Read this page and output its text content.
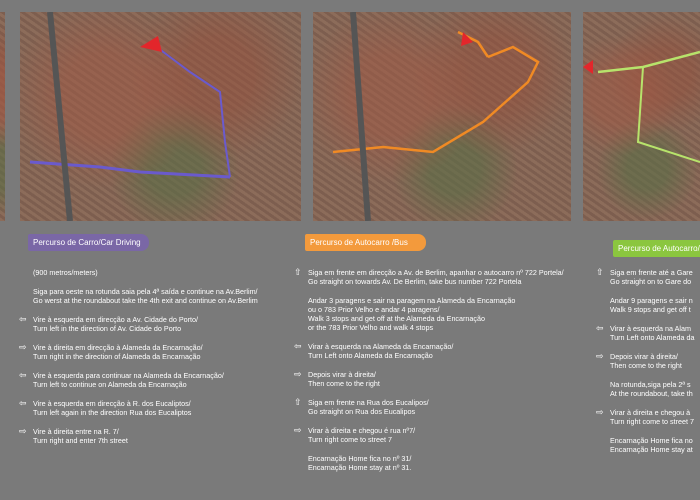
Percurso de Carro/Car Driving	Percurso de Autocarro /Bus
Percurso de Autocarro/
(900 metros/meters)
Siga para oeste na rotunda saia pela 4ª saída e continue na Av.Berlim/
Go werst at the roundabout take the 4th exit and continue on Av.Berlim
⇦ Vire à esquerda em direcção a Av. Cidade do Porto/
Turn left in the direction of Av. Cidade do Porto
⇨ Vire à direita em direcção à Alameda da Encarnação/
Turn right in the direction of Alameda da Encarnação
⇦ Vire à esquerda para continuar na Alameda da Encarnação/
Turn left to continue on Alameda da Encarnação
⇦ Vire à esquerda em direcção à R. dos Eucaliptos/
Turn left again in the direction Rua dos Eucaliptos
⇨ Vire à direita entre na R. 7/
Turn right and enter 7th street
⇧ Siga em frente em direcção a Av. de Berlim, apanhar o autocarro nº 722 Portela/
Go straight on towards Av. De Berlim, take bus number 722 Portela
Andar 3 paragens e sair na paragem na Alameda da Encarnação
ou o 783 Prior Velho e andar 4 paragens/
Walk 3 stops and get off at the Alameda da Encarnação
or the 783 Prior Velho and walk 4 stops
⇦ Virar à esquerda na Alameda da Encarnação/
Turn Left onto Alameda da Encarnação
⇨ Depois virar à direita/
Then come to the right
⇧ Siga em frente na Rua dos Eucalipos/
Go straight on Rua dos Eucalipos
⇨ Virar à direita e chegou é rua nº7/
Turn right come to street 7
Encarnação Home fica no nº 31/
Encarnação Home stay at nº 31.
⇧ Siga em frente até a Gare
Go straight on to Gare do
Andar 9 paragens e sair n
Walk 9 stops and get off t
⇦ Virar à esquerda na Alam
Turn Left onto Alameda da
⇨ Depois virar à direita/
Then come to the right
Na rotunda,siga pela 2ª s
At the roundabout, take th
⇨ Virar à direita e chegou à
Turn right come to street 7
Encarnação Home fica no
Encarnação Home stay at
